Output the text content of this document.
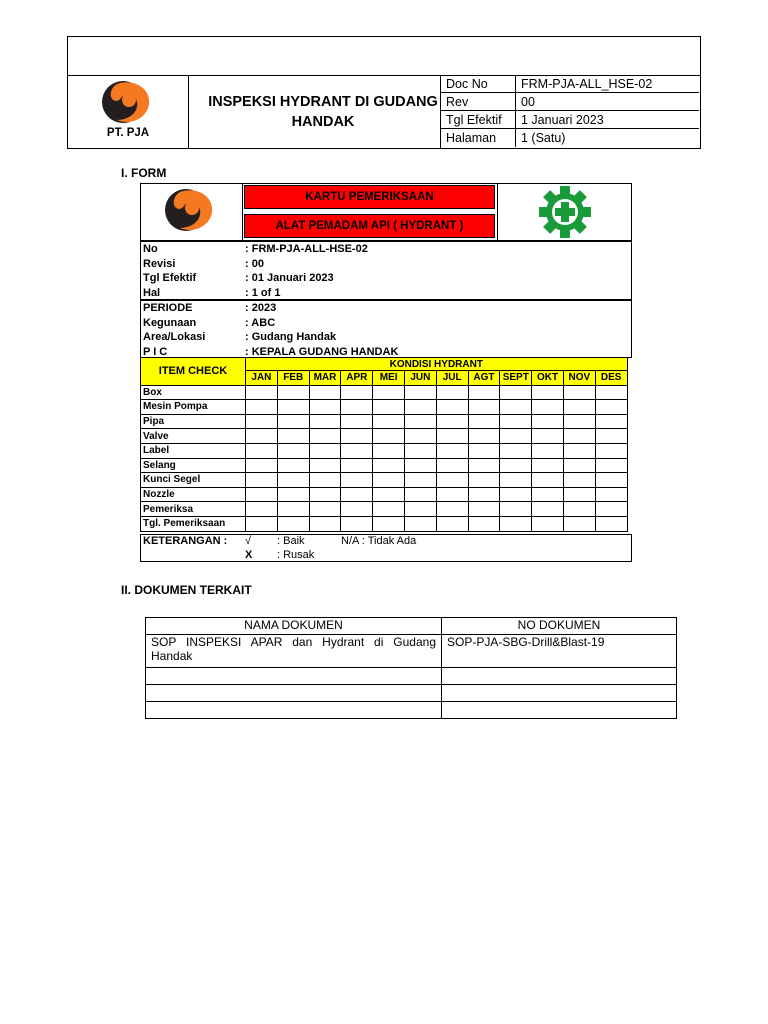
PT. PJA
INSPEKSI HYDRANT DI GUDANG HANDAK
Doc No	FRM-PJA-ALL_HSE-02
Rev	00
Tgl Efektif	1 Januari 2023
Halaman	1 (Satu)
I. FORM
KARTU PEMERIKSAAN
ALAT PEMADAM API ( HYDRANT )
No	: FRM-PJA-ALL-HSE-02
Revisi	: 00
Tgl Efektif	: 01 Januari 2023
Hal	: 1 of 1
PERIODE	: 2023
Kegunaan	: ABC
Area/Lokasi	: Gudang Handak
P I C	: KEPALA GUDANG HANDAK
ITEM CHECK	KONDISI HYDRANT											
	JAN	FEB	MAR	APR	MEI	JUN	JUL	AGT	SEPT	OKT	NOV	DES
Box												
Mesin Pompa												
Pipa												
Valve												
Label												
Selang												
Kunci Segel												
Nozzle												
Pemeriksa												
Tgl. Pemeriksaan												
KETERANGAN : √ : Baik	N/A : Tidak Ada
X : Rusak
II. DOKUMEN TERKAIT
NAMA DOKUMEN	NO DOKUMEN
SOP INSPEKSI APAR dan Hydrant di Gudang Handak	SOP-PJA-SBG-Drill&Blast-19
